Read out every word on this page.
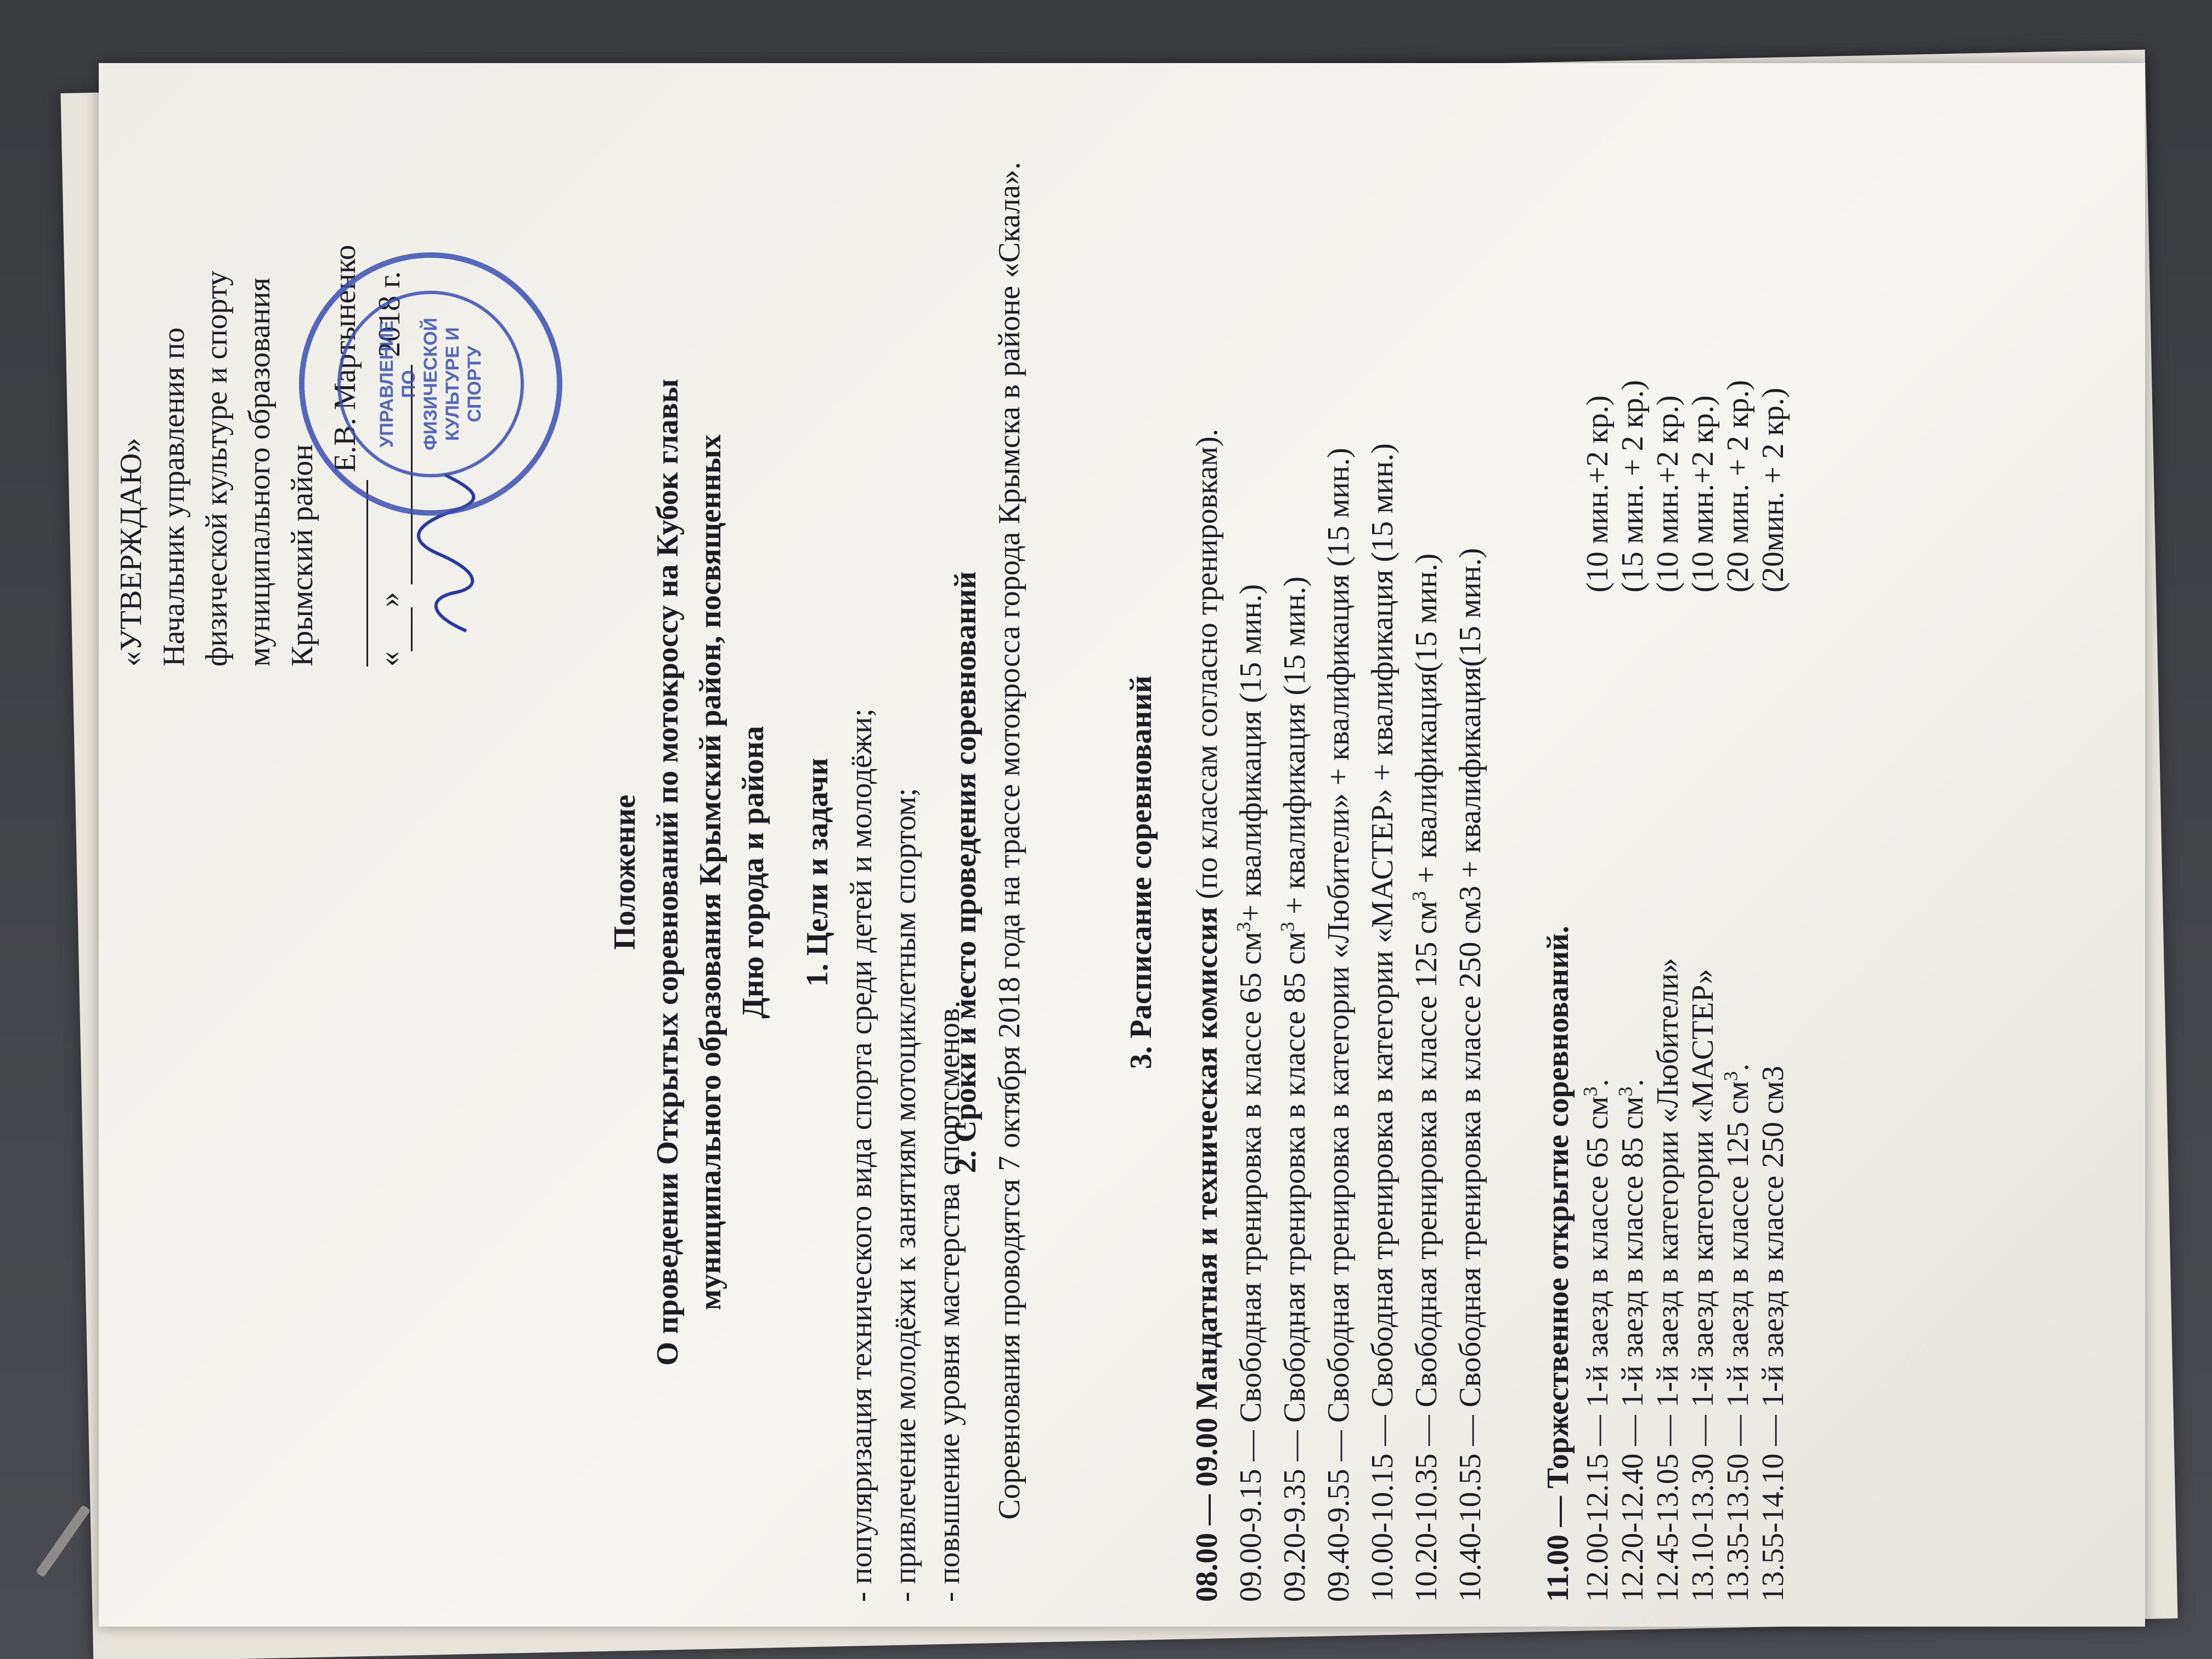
«УТВЕРЖДАЮ» Начальник управления по физической культуре и спорту муниципального образования Крымский район
Е.В. Мартыненко
« »   2018 г.
УПРАВЛЕНИЕ ПО ФИЗИЧЕСКОЙ КУЛЬТУРЕ И СПОРТУ
Положение О проведении Открытых соревнований по мотокроссу на Кубок главы муниципального образования Крымский район, посвященных Дню города и района 1. Цели и задачи - популяризация технического вида спорта среди детей и молодёжи; - привлечение молодёжи к занятиям мотоциклетным спортом; - повышение уровня мастерства спортсменов.
2. Сроки и место проведения соревнований Соревнования проводятся 7 октября 2018 года на трассе мотокросса города Крымска в районе «Скала».	3. Расписание соревнований
08.00 — 09.00 Мандатная и техническая комиссия (по классам согласно тренировкам).
09.00-9.15 — Свободная тренировка в классе 65 $см^3+$ квалификация (15 мин.)
09.20-9.35 — Свободная тренировка в классе 85 $см^3$ + квалификация (15 мин.)
09.40-9.55 — Свободная тренировка в категории «Любители» + квалификация (15 мин.)
10.00-10.15 — Свободная тренировка в категории «МАСТЕР» + квалификация (15 мин.)
10.20-10.35 — Свободная тренировка в классе 125 $см^3$ + квалификация(15 мин.)
10.40-10.55 — Свободная тренировка в классе 250 см3 + квалификация(15 мин.) 11.00 — Торжественное открытие соревнований. 12.00-12.15 — 1-й заезд в классе 65 $см^3$.
(10 мин.+2 кр.)
12.20-12.40 — 1-й заезд в классе 85 $см^3$.
(15 мин. + 2 кр.)
12.45-13.05 — 1-й заезд в категории «Любители»
(10 мин.+2 кр.)
13.10-13.30 — 1-й заезд в категории «МАСТЕР»
(10 мин.+2 кр.)
13.35-13.50 — 1-й заезд в классе 125 $см^3$.
(20 мин. + 2 кр.)
13.55-14.10 — 1-й заезд в классе 250 см3
(20мин. + 2 кр.)
